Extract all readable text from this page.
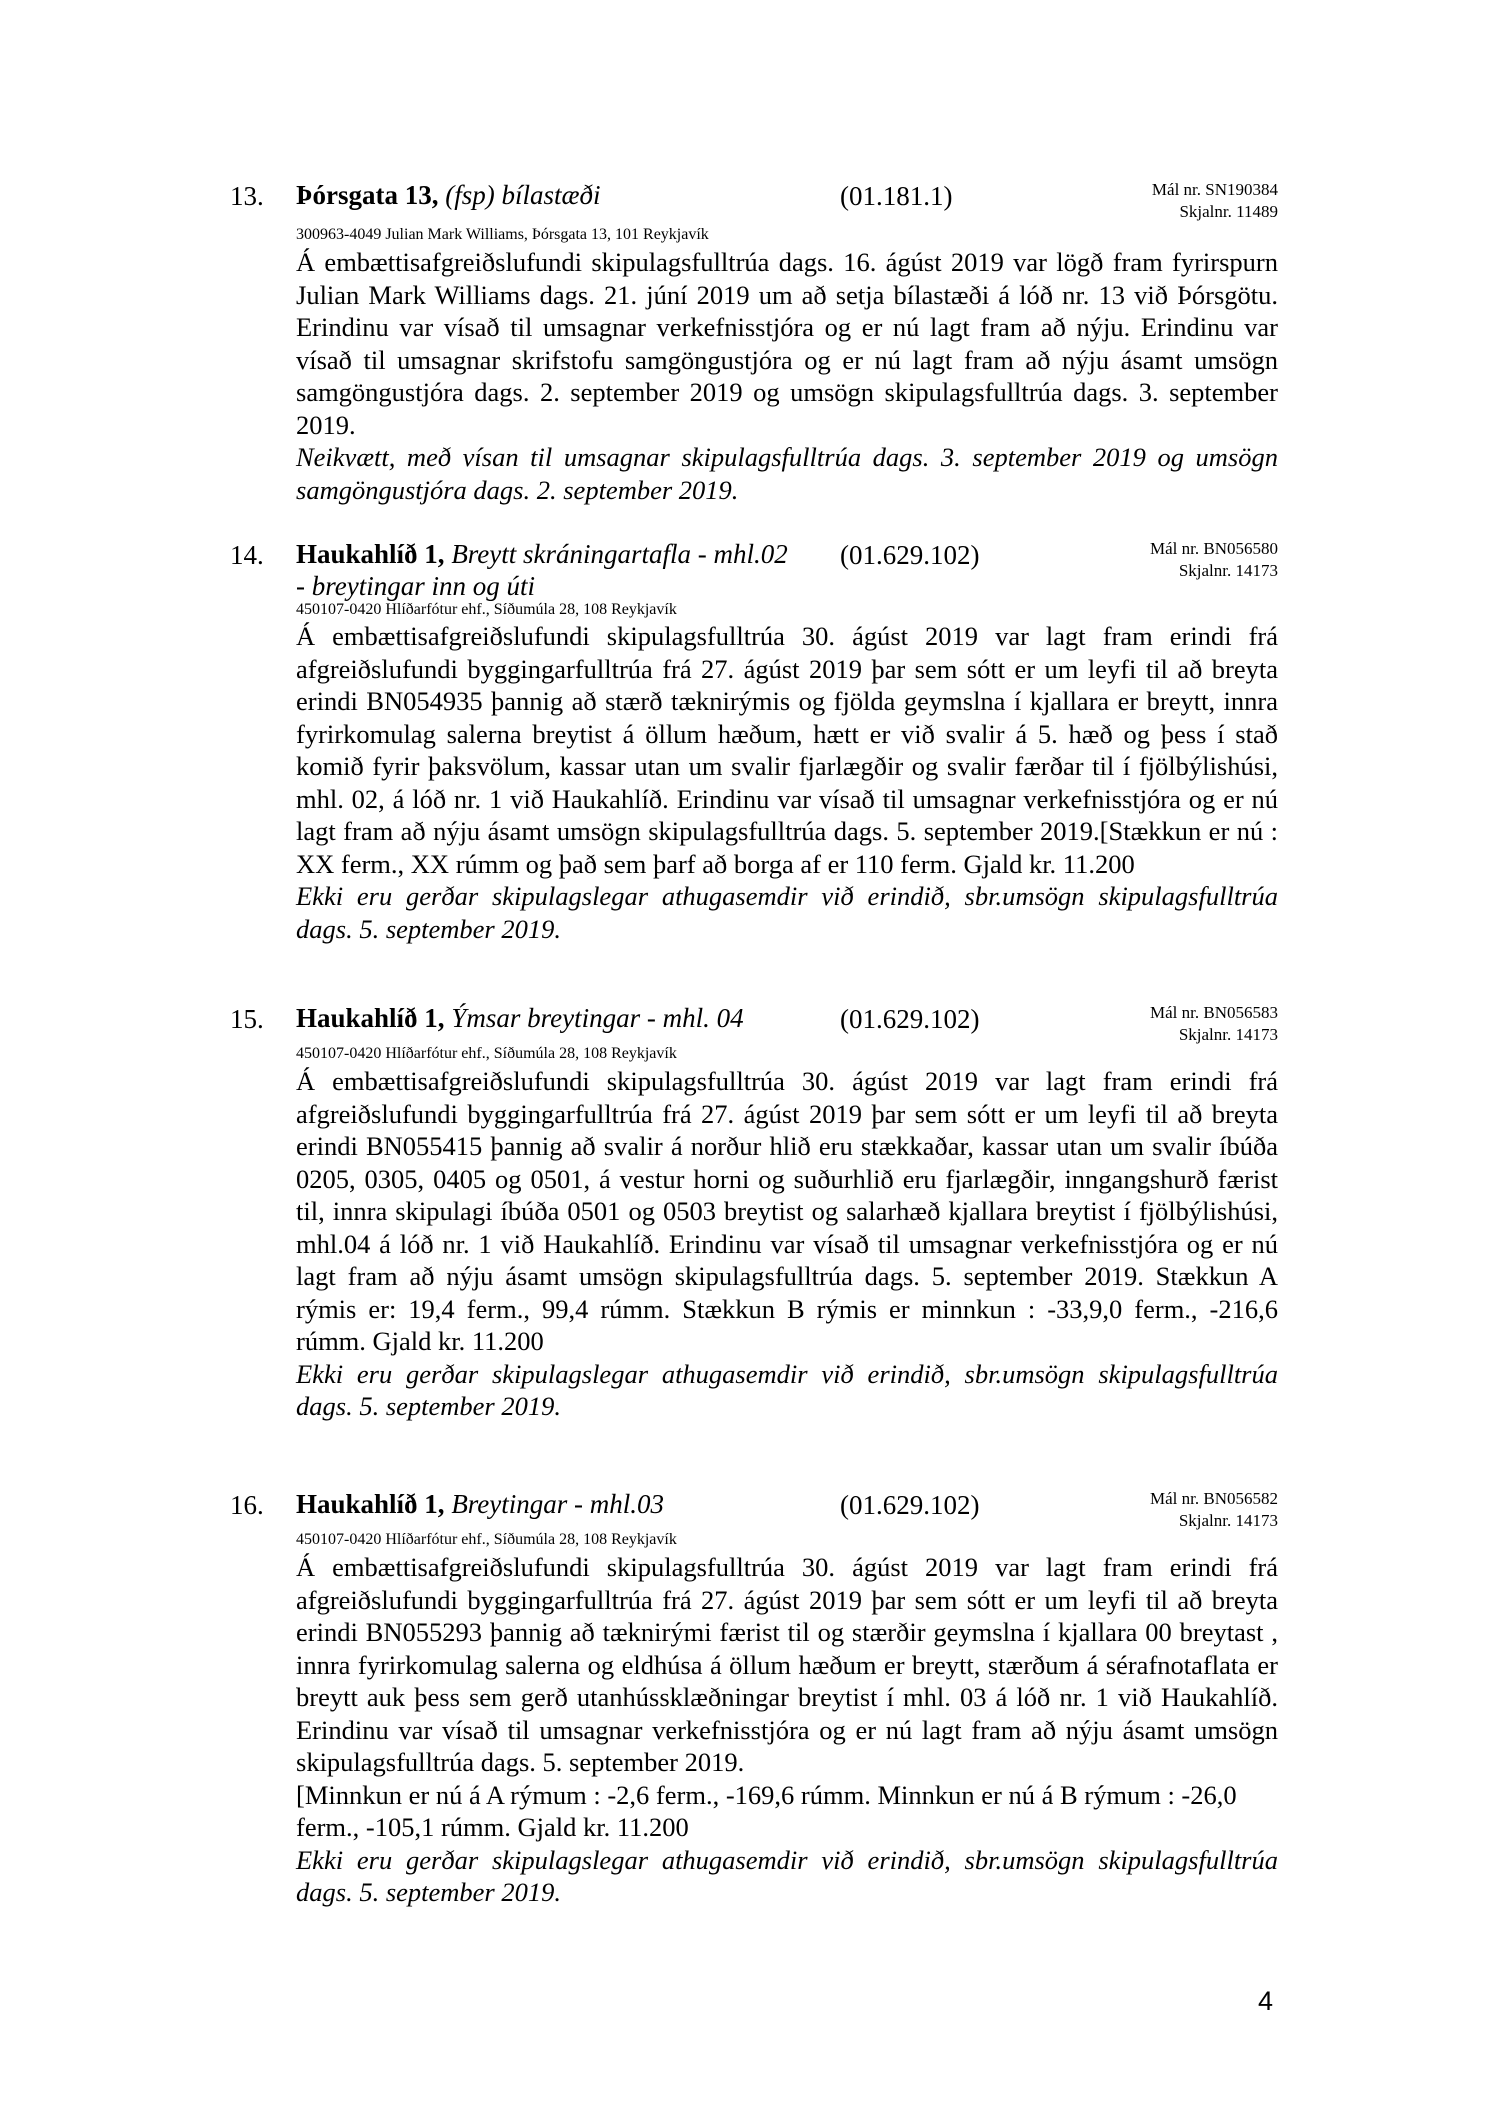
13. Þórsgata 13, (fsp) bílastæði	(01.181.1)	Mál nr. SN190384
Skjalnr. 11489
300963-4049 Julian Mark Williams, Þórsgata 13, 101 Reykjavík

Á embættisafgreiðslufundi skipulagsfulltrúa dags. 16. ágúst 2019 var lögð fram fyrirspurn Julian Mark Williams dags. 21. júní 2019 um að setja bílastæði á lóð nr. 13 við Þórsgötu. Erindinu var vísað til umsagnar verkefnisstjóra og er nú lagt fram að nýju. Erindinu var vísað til umsagnar skrifstofu samgöngustjóra og er nú lagt fram að nýju ásamt umsögn samgöngustjóra dags. 2. september 2019 og umsögn skipulagsfulltrúa dags. 3. september 2019.

Neikvætt, með vísan til umsagnar skipulagsfulltrúa dags. 3. september 2019 og umsögn samgöngustjóra dags. 2. september 2019.

14. Haukahlíð 1, Breytt skráningartafla - mhl.02
- breytingar inn og úti
(01.629.102)	Mál nr. BN056580
Skjalnr. 14173
450107-0420 Hlíðarfótur ehf., Síðumúla 28, 108 Reykjavík

Á embættisafgreiðslufundi skipulagsfulltrúa 30. ágúst 2019 var lagt fram erindi frá afgreiðslufundi byggingarfulltrúa frá 27. ágúst 2019 þar sem sótt er um leyfi til að breyta erindi BN054935 þannig að stærð tæknirýmis og fjölda geymslna í kjallara er breytt, innra fyrirkomulag salerna breytist á öllum hæðum, hætt er við svalir á 5. hæð og þess í stað komið fyrir þaksvölum, kassar utan um svalir fjarlægðir og svalir færðar til í fjölbýlishúsi, mhl. 02, á lóð nr. 1 við Haukahlíð. Erindinu var vísað til umsagnar verkefnisstjóra og er nú lagt fram að nýju ásamt umsögn skipulagsfulltrúa dags. 5. september 2019.[Stækkun er nú : XX ferm., XX rúmm og það sem þarf að borga af er 110 ferm. Gjald kr. 11.200

Ekki eru gerðar skipulagslegar athugasemdir við erindið, sbr.umsögn skipulagsfulltrúa dags. 5. september 2019.

15. Haukahlíð 1, Ýmsar breytingar - mhl. 04	(01.629.102)	Mál nr. BN056583
Skjalnr. 14173
450107-0420 Hlíðarfótur ehf., Síðumúla 28, 108 Reykjavík

Á embættisafgreiðslufundi skipulagsfulltrúa 30. ágúst 2019 var lagt fram erindi frá afgreiðslufundi byggingarfulltrúa frá 27. ágúst 2019 þar sem sótt er um leyfi til að breyta erindi BN055415 þannig að svalir á norður hlið eru stækkaðar, kassar utan um svalir íbúða 0205, 0305, 0405 og 0501, á vestur horni og suðurhlið eru fjarlægðir, inngangshurð færist til, innra skipulagi íbúða 0501 og 0503 breytist og salarhæð kjallara breytist í fjölbýlishúsi, mhl.04 á lóð nr. 1 við Haukahlíð. Erindinu var vísað til umsagnar verkefnisstjóra og er nú lagt fram að nýju ásamt umsögn skipulagsfulltrúa dags. 5. september 2019. Stækkun A rýmis er: 19,4 ferm., 99,4 rúmm. Stækkun B rýmis er minnkun : -33,9,0 ferm., -216,6 rúmm. Gjald kr. 11.200

Ekki eru gerðar skipulagslegar athugasemdir við erindið, sbr.umsögn skipulagsfulltrúa dags. 5. september 2019.

16. Haukahlíð 1, Breytingar - mhl.03	(01.629.102)	Mál nr. BN056582
Skjalnr. 14173
450107-0420 Hlíðarfótur ehf., Síðumúla 28, 108 Reykjavík

Á embættisafgreiðslufundi skipulagsfulltrúa 30. ágúst 2019 var lagt fram erindi frá afgreiðslufundi byggingarfulltrúa frá 27. ágúst 2019 þar sem sótt er um leyfi til að breyta erindi BN055293 þannig að tæknirými færist til og stærðir geymslna í kjallara 00 breytast , innra fyrirkomulag salerna og eldhúsa á öllum hæðum er breytt, stærðum á sérafnotaflata er breytt auk þess sem gerð utanhússklæðningar breytist í mhl. 03 á lóð nr. 1 við Haukahlíð. Erindinu var vísað til umsagnar verkefnisstjóra og er nú lagt fram að nýju ásamt umsögn skipulagsfulltrúa dags. 5. september 2019.

[Minnkun er nú á A rýmum : -2,6 ferm., -169,6 rúmm. Minnkun er nú á B rýmum : -26,0 ferm., -105,1 rúmm. Gjald kr. 11.200

Ekki eru gerðar skipulagslegar athugasemdir við erindið, sbr.umsögn skipulagsfulltrúa dags. 5. september 2019.

4
